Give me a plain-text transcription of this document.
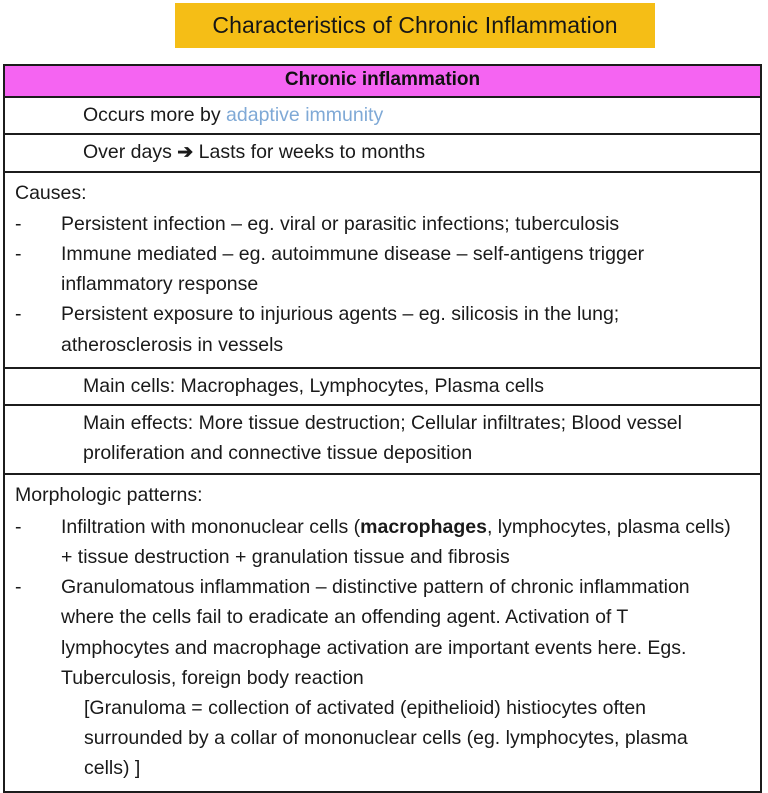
Characteristics of Chronic Inflammation
Chronic inflammation
Occurs more by adaptive immunity
Over days ➔ Lasts for weeks to months
Causes:
-	Persistent infection – eg. viral or parasitic infections; tuberculosis
-	Immune mediated – eg. autoimmune disease – self-antigens trigger inflammatory response
-	Persistent exposure to injurious agents – eg. silicosis in the lung; atherosclerosis in vessels
Main cells: Macrophages, Lymphocytes, Plasma cells
Main effects: More tissue destruction; Cellular infiltrates; Blood vessel proliferation and connective tissue deposition
Morphologic patterns:
-	Infiltration with mononuclear cells (macrophages, lymphocytes, plasma cells) + tissue destruction + granulation tissue and fibrosis
-	Granulomatous inflammation – distinctive pattern of chronic inflammation where the cells fail to eradicate an offending agent. Activation of T lymphocytes and macrophage activation are important events here. Egs. Tuberculosis, foreign body reaction
[Granuloma = collection of activated (epithelioid) histiocytes often surrounded by a collar of mononuclear cells (eg. lymphocytes, plasma cells) ]
